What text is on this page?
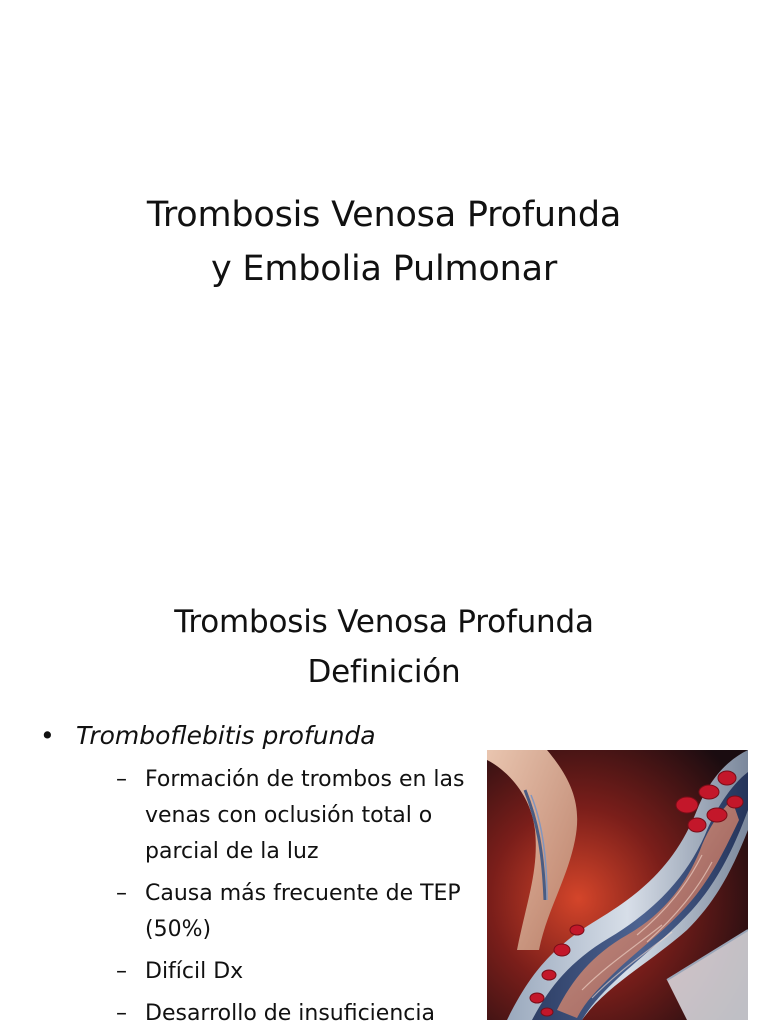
Trombosis Venosa Profunda
y Embolia Pulmonar
Trombosis Venosa Profunda
Definición
• Tromboflebitis profunda
– Formación de trombos en las venas con oclusión total o parcial de la luz
– Causa más frecuente de TEP (50%)
– Difícil Dx
– Desarrollo de insuficiencia
